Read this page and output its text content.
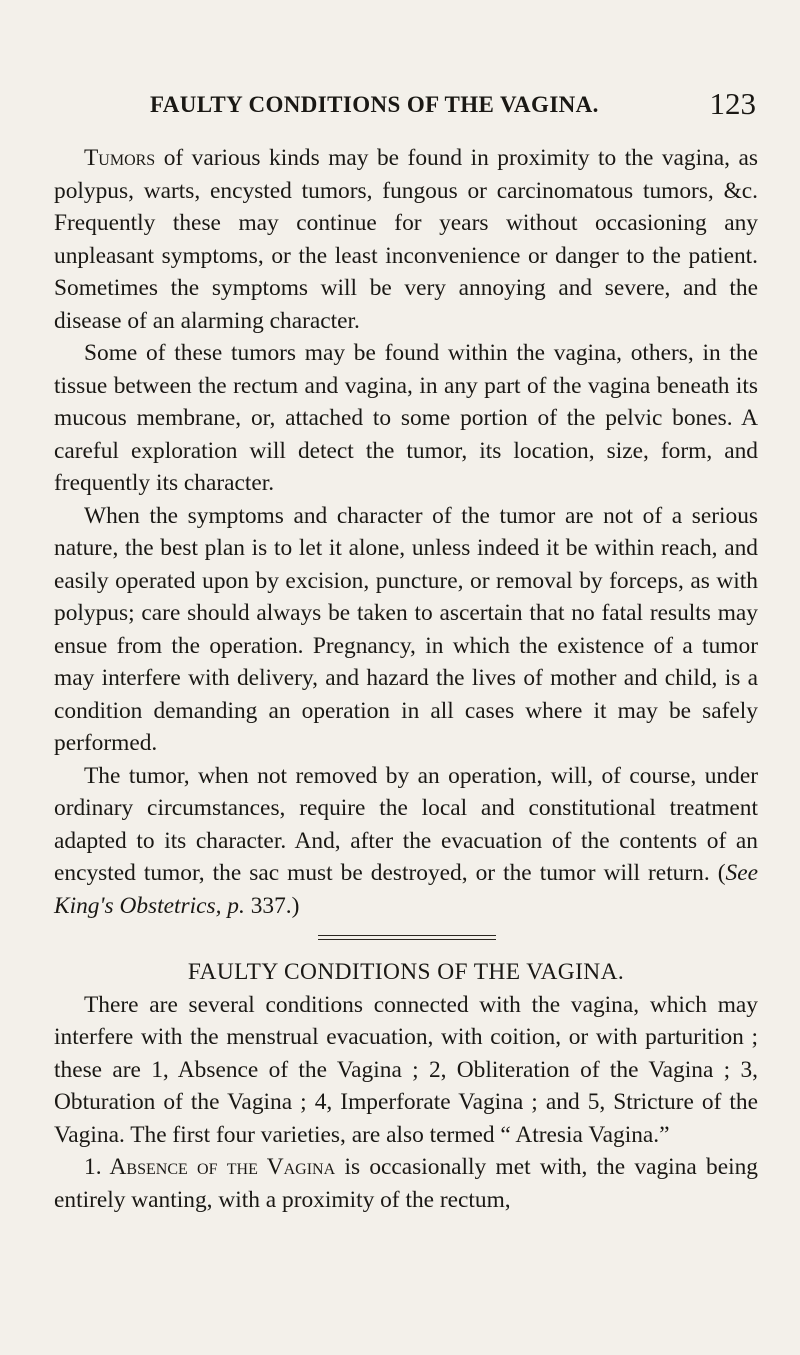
FAULTY CONDITIONS OF THE VAGINA.	123

Tumors of various kinds may be found in proximity to the vagina, as polypus, warts, encysted tumors, fungous or carcinomatous tumors, &c. Frequently these may continue for years without occasioning any unpleasant symptoms, or the least inconvenience or danger to the patient. Sometimes the symptoms will be very annoying and severe, and the disease of an alarming character.

Some of these tumors may be found within the vagina, others, in the tissue between the rectum and vagina, in any part of the vagina beneath its mucous membrane, or, attached to some portion of the pelvic bones. A careful exploration will detect the tumor, its location, size, form, and frequently its character.

When the symptoms and character of the tumor are not of a serious nature, the best plan is to let it alone, unless indeed it be within reach, and easily operated upon by excision, puncture, or removal by forceps, as with polypus; care should always be taken to ascertain that no fatal results may ensue from the operation. Pregnancy, in which the existence of a tumor may interfere with delivery, and hazard the lives of mother and child, is a condition demanding an operation in all cases where it may be safely performed.

The tumor, when not removed by an operation, will, of course, under ordinary circumstances, require the local and constitutional treatment adapted to its character. And, after the evacuation of the contents of an encysted tumor, the sac must be destroyed, or the tumor will return. (See King's Obstetrics, p. 337.)

FAULTY CONDITIONS OF THE VAGINA.

There are several conditions connected with the vagina, which may interfere with the menstrual evacuation, with coition, or with parturition ; these are 1, Absence of the Vagina ; 2, Obliteration of the Vagina ; 3, Obturation of the Vagina ; 4, Imperforate Vagina ; and 5, Stricture of the Vagina. The first four varieties, are also termed “ Atresia Vagina.”

1. Absence of the Vagina is occasionally met with, the vagina being entirely wanting, with a proximity of the rectum,
